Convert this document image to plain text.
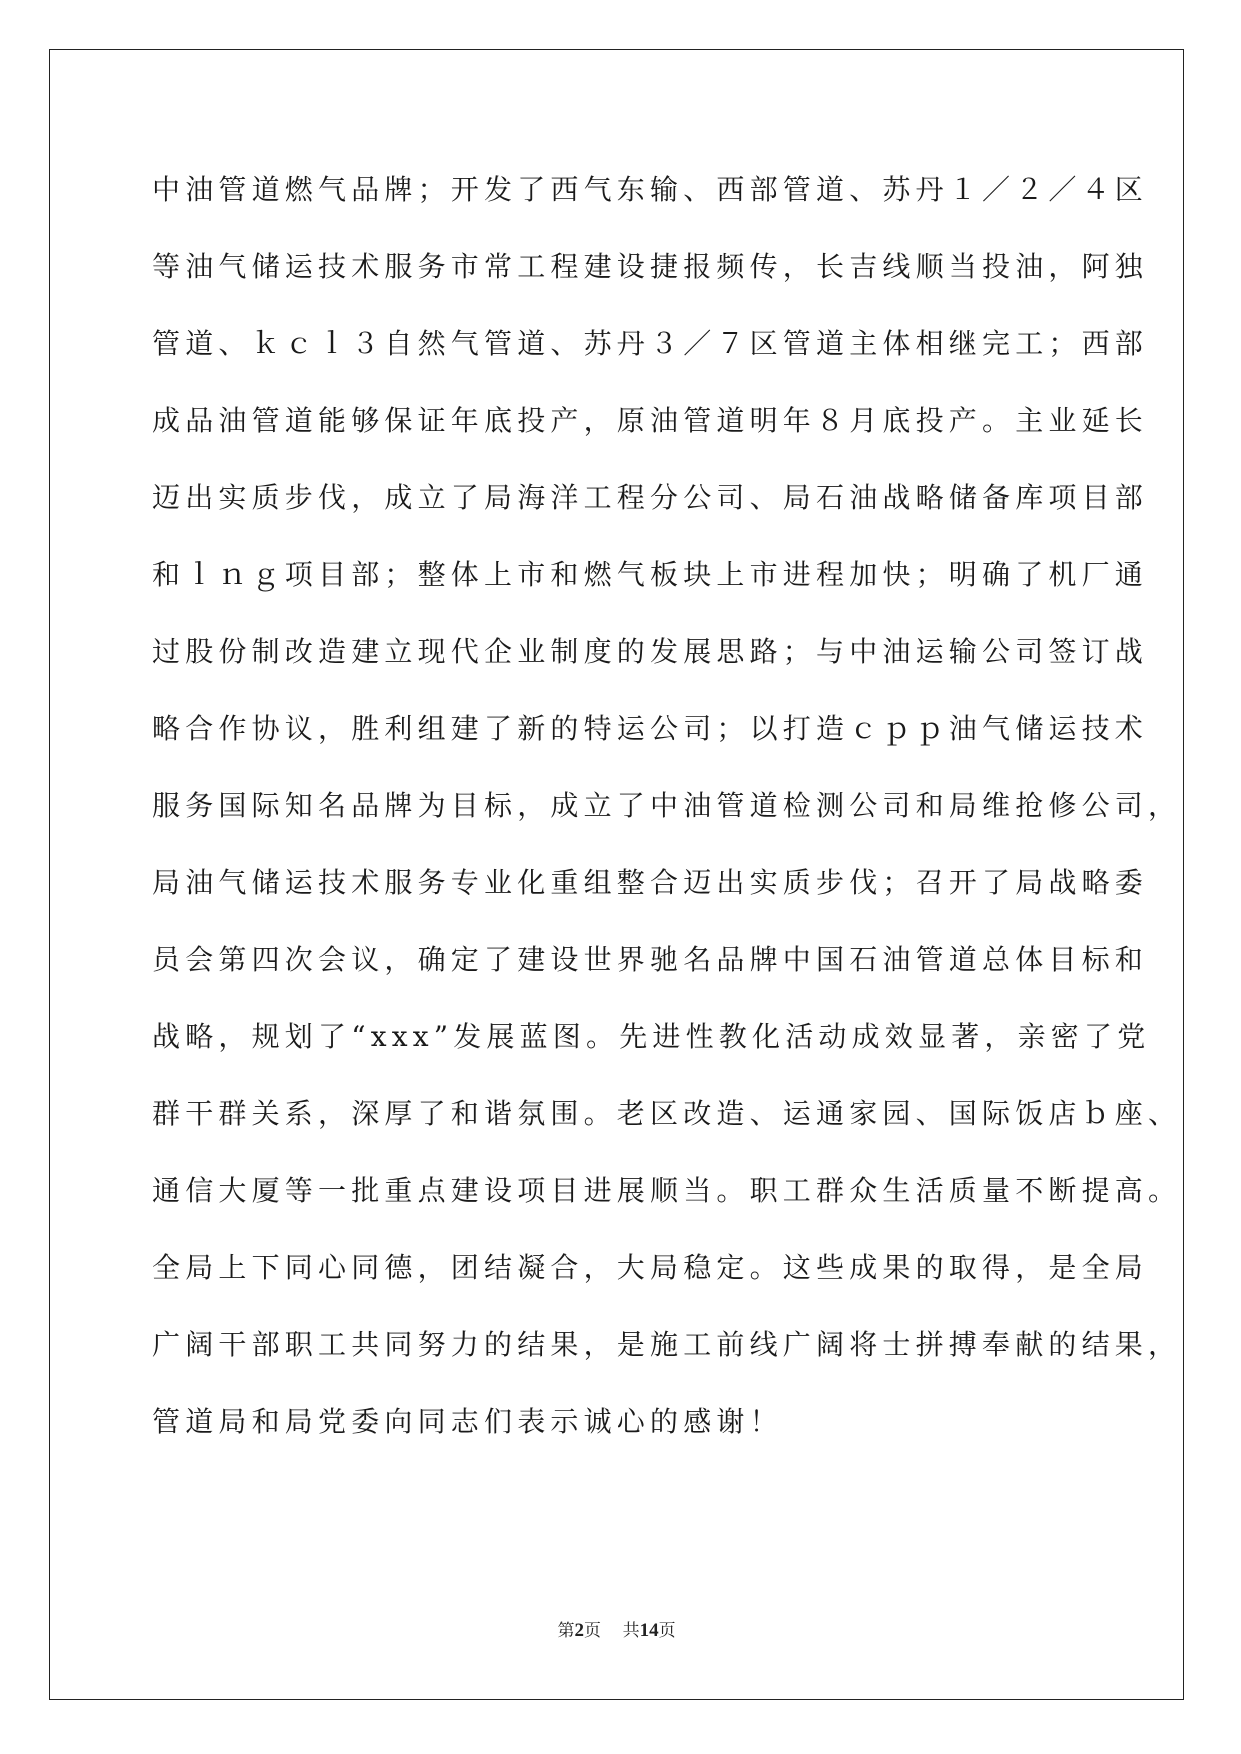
中油管道燃气品牌；开发了西气东输、西部管道、苏丹１／２／４区
等油气储运技术服务市常工程建设捷报频传，长吉线顺当投油，阿独
管道、ｋｃｌ３自然气管道、苏丹３／７区管道主体相继完工；西部
成品油管道能够保证年底投产，原油管道明年８月底投产。主业延长
迈出实质步伐，成立了局海洋工程分公司、局石油战略储备库项目部
和ｌｎｇ项目部；整体上市和燃气板块上市进程加快；明确了机厂通
过股份制改造建立现代企业制度的发展思路；与中油运输公司签订战
略合作协议，胜利组建了新的特运公司；以打造ｃｐｐ油气储运技术
服务国际知名品牌为目标，成立了中油管道检测公司和局维抢修公司，
局油气储运技术服务专业化重组整合迈出实质步伐；召开了局战略委
员会第四次会议，确定了建设世界驰名品牌中国石油管道总体目标和
战略，规划了“xxx”发展蓝图。先进性教化活动成效显著，亲密了党
群干群关系，深厚了和谐氛围。老区改造、运通家园、国际饭店ｂ座、
通信大厦等一批重点建设项目进展顺当。职工群众生活质量不断提高。
全局上下同心同德，团结凝合，大局稳定。这些成果的取得，是全局
广阔干部职工共同努力的结果，是施工前线广阔将士拼搏奉献的结果，
管道局和局党委向同志们表示诚心的感谢！
第2页 共14页
